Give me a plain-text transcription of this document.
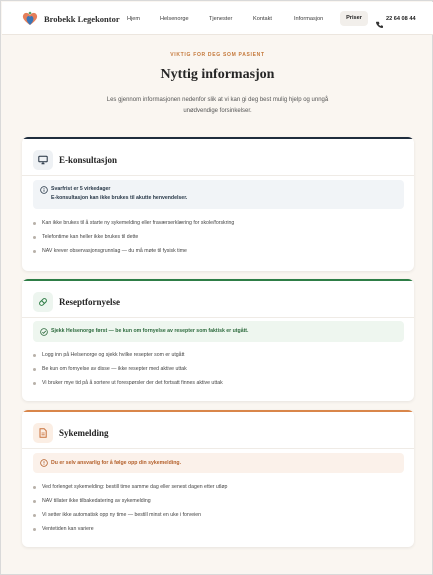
Brobekk Legekontor Hjem	Helsenorge	Tjenester	Kontakt	Informasjon	Priser	22 64 08 44
VIKTIG FOR DEG SOM PASIENT
Nyttig informasjon
Les gjennom informasjonen nedenfor slik at vi kan gi deg best mulig hjelp og unngå unødvendige forsinkelser.
E-konsultasjon
Svarfrist er 5 virkedager
E-konsultasjon kan ikke brukes til akutte henvendelser.
Kan ikke brukes til å starte ny sykemelding eller fraværserklæring for skole/forskring
Telefontime kan heller ikke brukes til dette
NAV krever observasjonsgrunnlag — du må møte til fysisk time
Reseptfornyelse
Sjekk Helsenorge først — be kun om fornyelse av resepter som faktisk er utgått.
Logg inn på Helsenorge og sjekk hvilke resepter som er utgått
Be kun om fornyelse av disse — ikke resepter med aktive uttak
Vi bruker mye tid på å sortere ut forespørsler der det fortsatt finnes aktive uttak
Sykemelding
Du er selv ansvarlig for å følge opp din sykemelding.
Ved forlenget sykemelding: bestill time samme dag eller senest dagen etter utløp
NAV tillater ikke tilbakedatering av sykemelding
Vi setter ikke automatisk opp ny time — bestill minst en uke i forveien
Ventetiden kan variere
